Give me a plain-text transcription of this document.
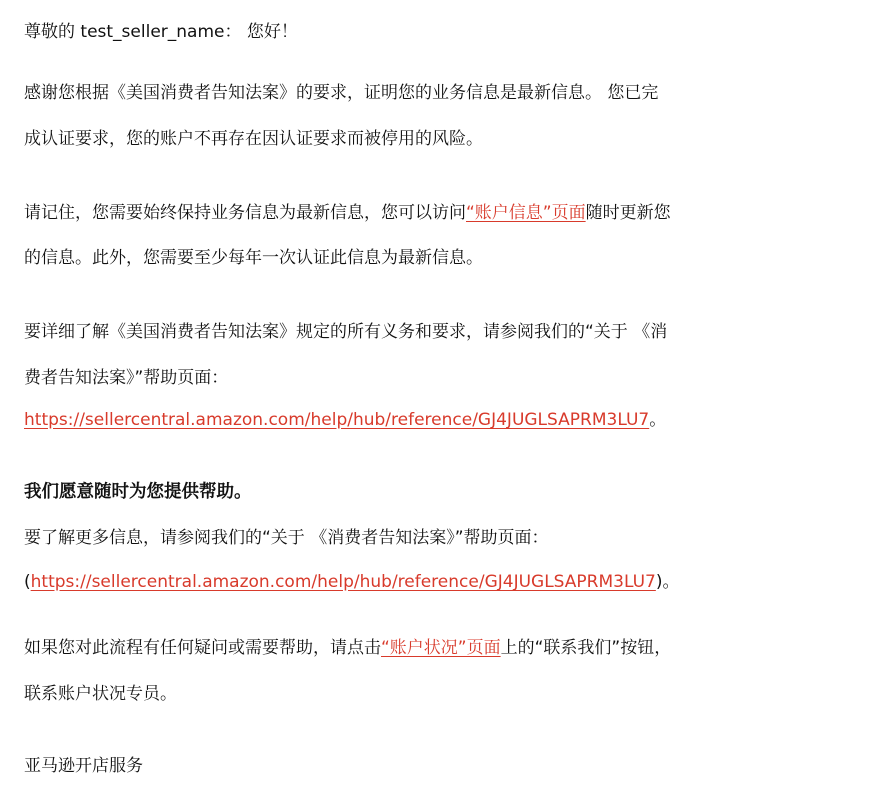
尊敬的 test_seller_name： 您好！
感谢您根据《美国消费者告知法案》的要求，证明您的业务信息是最新信息。 您已完
成认证要求，您的账户不再存在因认证要求而被停用的风险。
请记住，您需要始终保持业务信息为最新信息，您可以访问“账户信息”页面随时更新您
的信息。此外，您需要至少每年一次认证此信息为最新信息。
要详细了解《美国消费者告知法案》规定的所有义务和要求，请参阅我们的“关于 《消
费者告知法案》”帮助页面：
https://sellercentral.amazon.com/help/hub/reference/GJ4JUGLSAPRM3LU7。
我们愿意随时为您提供帮助。
要了解更多信息，请参阅我们的“关于 《消费者告知法案》”帮助页面：
(https://sellercentral.amazon.com/help/hub/reference/GJ4JUGLSAPRM3LU7)。
如果您对此流程有任何疑问或需要帮助，请点击“账户状况”页面上的“联系我们”按钮，
联系账户状况专员。
亚马逊开店服务
